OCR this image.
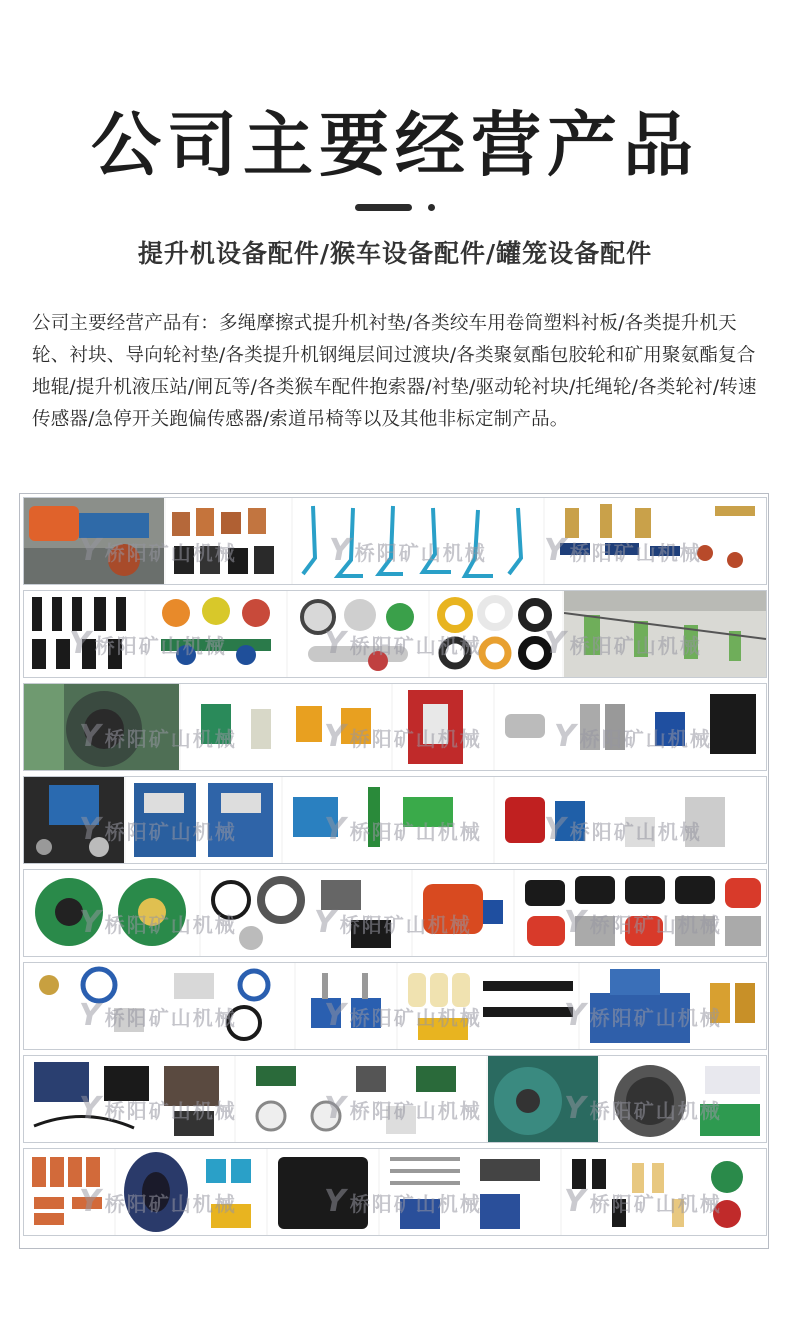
公司主要经营产品
提升机设备配件/猴车设备配件/罐笼设备配件
公司主要经营产品有：多绳摩擦式提升机衬垫/各类绞车用卷筒塑料衬板/各类提升机天轮、衬块、导向轮衬垫/各类提升机钢绳层间过渡块/各类聚氨酯包胶轮和矿用聚氨酯复合地辊/提升机液压站/闸瓦等/各类猴车配件抱索器/衬垫/驱动轮衬块/托绳轮/各类轮衬/转速传感器/急停开关跑偏传感器/索道吊椅等以及其他非标定制产品。
Y桥阳矿山机械	Y桥阳矿山机械 Y桥阳矿山机械
Y桥阳矿山机械	Y桥阳矿山机械 Y桥阳矿山机械
Y桥阳矿山机械	Y桥阳矿山机械 Y桥阳矿山机械
Y桥阳矿山机械	Y桥阳矿山机械 Y桥阳矿山机械
Y桥阳矿山机械	Y桥阳矿山机械	Y桥阳矿山机械
Y桥阳矿山机械	Y桥阳矿山机械	Y桥阳矿山机械
Y桥阳矿山机械	Y桥阳矿山机械	Y桥阳矿山机械
Y桥阳矿山机械	Y桥阳矿山机械	Y桥阳矿山机械
